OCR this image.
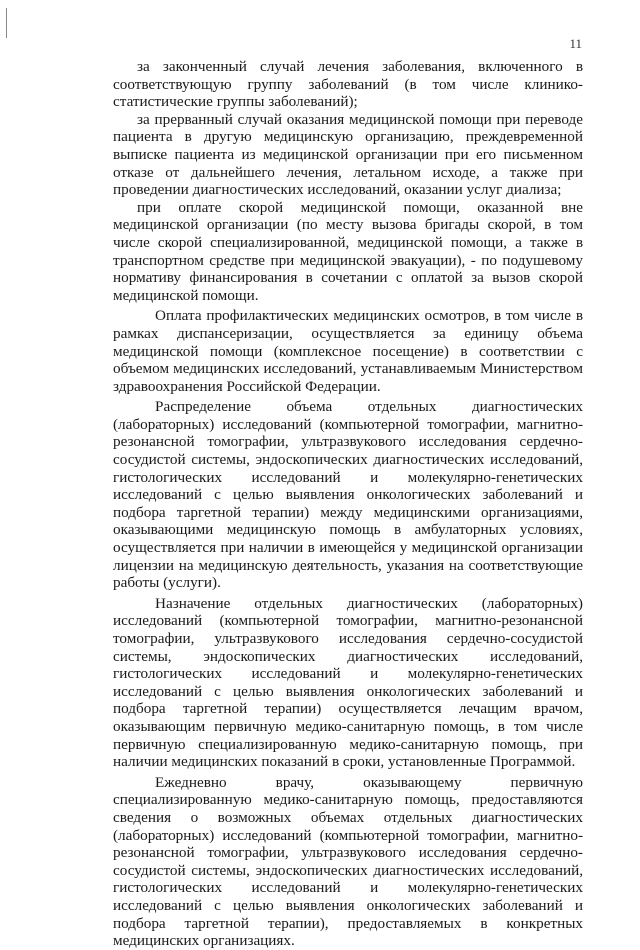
11

за законченный случай лечения заболевания, включенного в соответствующую группу заболеваний (в том числе клинико-статистические группы заболеваний);

за прерванный случай оказания медицинской помощи при переводе пациента в другую медицинскую организацию, преждевременной выписке пациента из медицинской организации при его письменном отказе от дальнейшего лечения, летальном исходе, а также при проведении диагностических исследований, оказании услуг диализа;

при оплате скорой медицинской помощи, оказанной вне медицинской организации (по месту вызова бригады скорой, в том числе скорой специализированной, медицинской помощи, а также в транспортном средстве при медицинской эвакуации), - по подушевому нормативу финансирования в сочетании с оплатой за вызов скорой медицинской помощи.

Оплата профилактических медицинских осмотров, в том числе в рамках диспансеризации, осуществляется за единицу объема медицинской помощи (комплексное посещение) в соответствии с объемом медицинских исследований, устанавливаемым Министерством здравоохранения Российской Федерации.

Распределение объема отдельных диагностических (лабораторных) исследований (компьютерной томографии, магнитно-резонансной томографии, ультразвукового исследования сердечно-сосудистой системы, эндоскопических диагностических исследований, гистологических исследований и молекулярно-генетических исследований с целью выявления онкологических заболеваний и подбора таргетной терапии) между медицинскими организациями, оказывающими медицинскую помощь в амбулаторных условиях, осуществляется при наличии в имеющейся у медицинской организации лицензии на медицинскую деятельность, указания на соответствующие работы (услуги).

Назначение отдельных диагностических (лабораторных) исследований (компьютерной томографии, магнитно-резонансной томографии, ультразвукового исследования сердечно-сосудистой системы, эндоскопических диагностических исследований, гистологических исследований и молекулярно-генетических исследований с целью выявления онкологических заболеваний и подбора таргетной терапии) осуществляется лечащим врачом, оказывающим первичную медико-санитарную помощь, в том числе первичную специализированную медико-санитарную помощь, при наличии медицинских показаний в сроки, установленные Программой.

Ежедневно врачу, оказывающему первичную специализированную медико-санитарную помощь, предоставляются сведения о возможных объемах отдельных диагностических (лабораторных) исследований (компьютерной томографии, магнитно-резонансной томографии, ультразвукового исследования сердечно-сосудистой системы, эндоскопических диагностических исследований, гистологических исследований и молекулярно-генетических исследований с целью выявления онкологических заболеваний и подбора таргетной терапии), предоставляемых в конкретных медицинских организациях.
